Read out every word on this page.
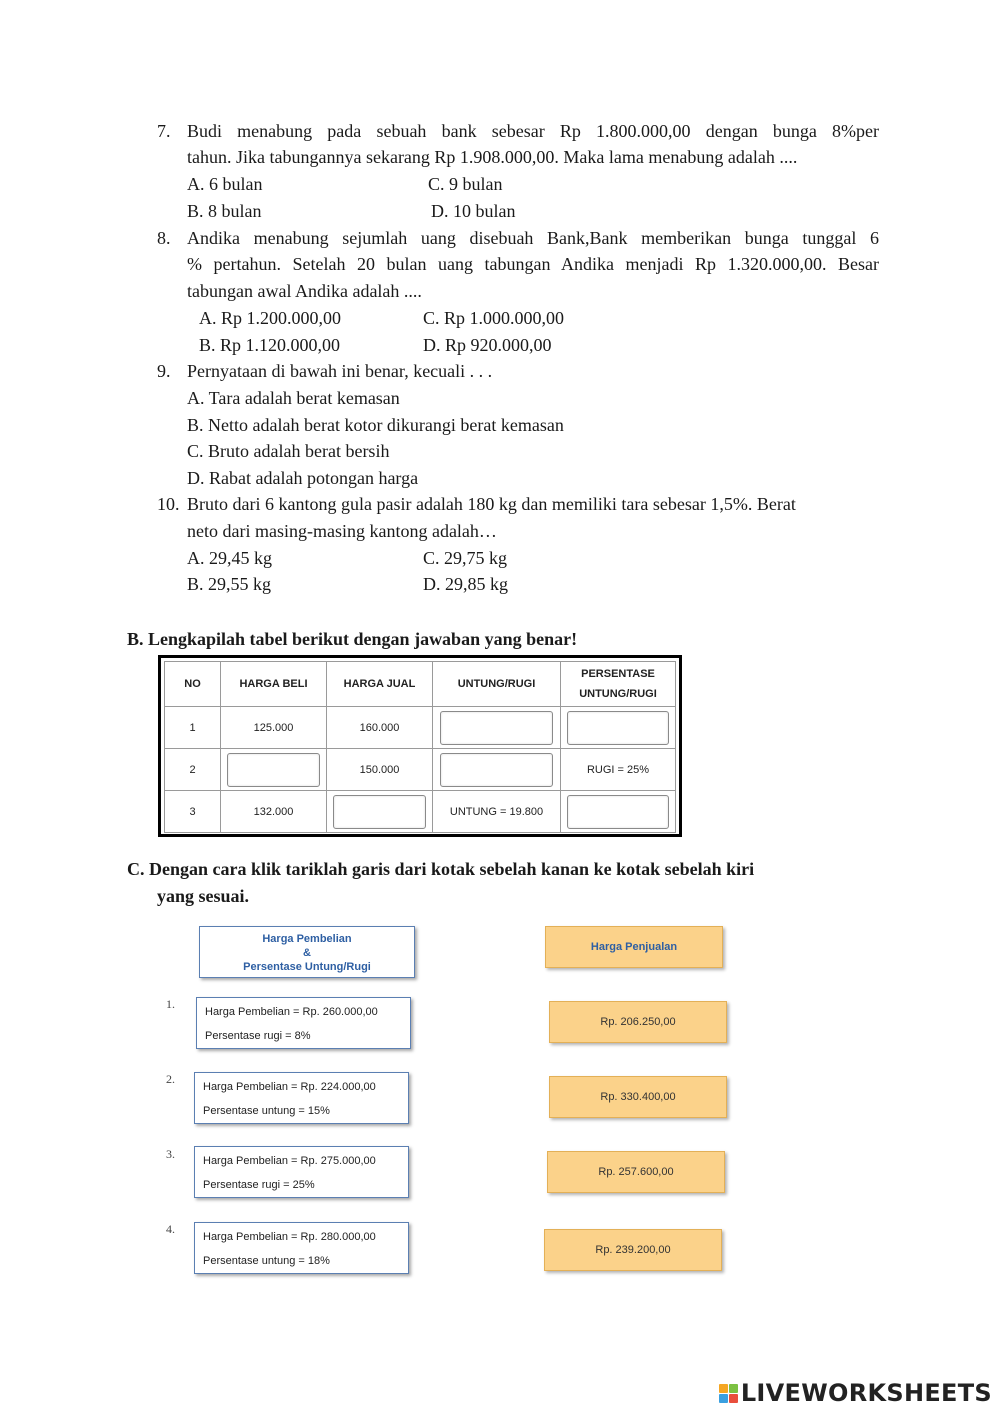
7. Budi menabung pada sebuah bank sebesar Rp 1.800.000,00 dengan bunga 8%per
tahun. Jika tabungannya sekarang Rp 1.908.000,00. Maka lama menabung adalah ....
A. 6 bulan	C. 9 bulan
B. 8 bulan	D. 10 bulan
8. Andika menabung sejumlah uang disebuah Bank,Bank memberikan bunga tunggal 6
% pertahun. Setelah 20 bulan uang tabungan Andika menjadi Rp 1.320.000,00. Besar
tabungan awal Andika adalah ....
A. Rp 1.200.000,00	C. Rp 1.000.000,00
B. Rp 1.120.000,00	D. Rp 920.000,00
9. Pernyataan di bawah ini benar, kecuali . . .
A. Tara adalah berat kemasan
B. Netto adalah berat kotor dikurangi berat kemasan
C. Bruto adalah berat bersih
D. Rabat adalah potongan harga
10. Bruto dari 6 kantong gula pasir adalah 180 kg dan memiliki tara sebesar 1,5%. Berat
neto dari masing-masing kantong adalah…
A. 29,45 kg	C. 29,75 kg
B. 29,55 kg	D. 29,85 kg
B. Lengkapilah tabel berikut dengan jawaban yang benar!
NO	HARGA BELI	HARGA JUAL	UNTUNG/RUGI	PERSENTASE
UNTUNG/RUGI

1	125.000	160.000	

2		150.000		RUGI = 25%
3	132.000		UNTUNG = 19.800	
C. Dengan cara klik tariklah garis dari kotak sebelah kanan ke kotak sebelah kiri
yang sesuai.
Harga Pembelian
&
Persentase Untung/Rugi
Harga Penjualan
1.
Harga Pembelian = Rp. 260.000,00
Persentase rugi = 8%
2.
Harga Pembelian = Rp. 224.000,00
Persentase untung = 15%
3.	Harga Pembelian = Rp. 275.000,00
Persentase rugi = 25%
4.
Harga Pembelian = Rp. 280.000,00
Persentase untung = 18%
Rp. 206.250,00
Rp. 330.400,00
Rp. 257.600,00
Rp. 239.200,00
LIVEWORKSHEETS
